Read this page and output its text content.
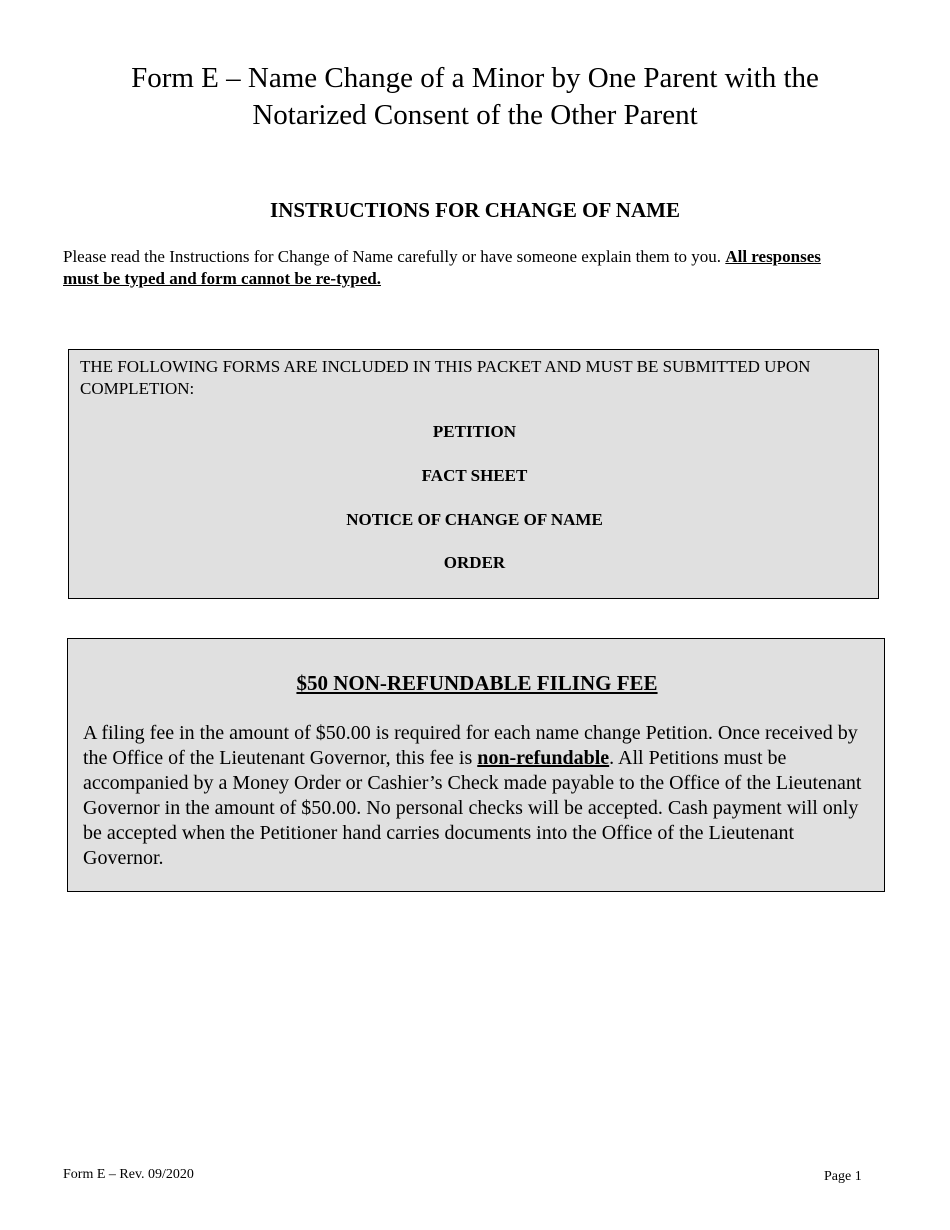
Form E – Name Change of a Minor by One Parent with the
Notarized Consent of the Other Parent
INSTRUCTIONS FOR CHANGE OF NAME
Please read the Instructions for Change of Name carefully or have someone explain them to you. All responses must be typed and form cannot be re-typed.
THE FOLLOWING FORMS ARE INCLUDED IN THIS PACKET AND MUST BE SUBMITTED UPON COMPLETION:
PETITION
FACT SHEET
NOTICE OF CHANGE OF NAME
ORDER
$50 NON-REFUNDABLE FILING FEE
A filing fee in the amount of $50.00 is required for each name change Petition. Once received by the Office of the Lieutenant Governor, this fee is non-refundable. All Petitions must be accompanied by a Money Order or Cashier’s Check made payable to the Office of the Lieutenant Governor in the amount of $50.00. No personal checks will be accepted. Cash payment will only be accepted when the Petitioner hand carries documents into the Office of the Lieutenant Governor.
Form E – Rev. 09/2020	Page 1
